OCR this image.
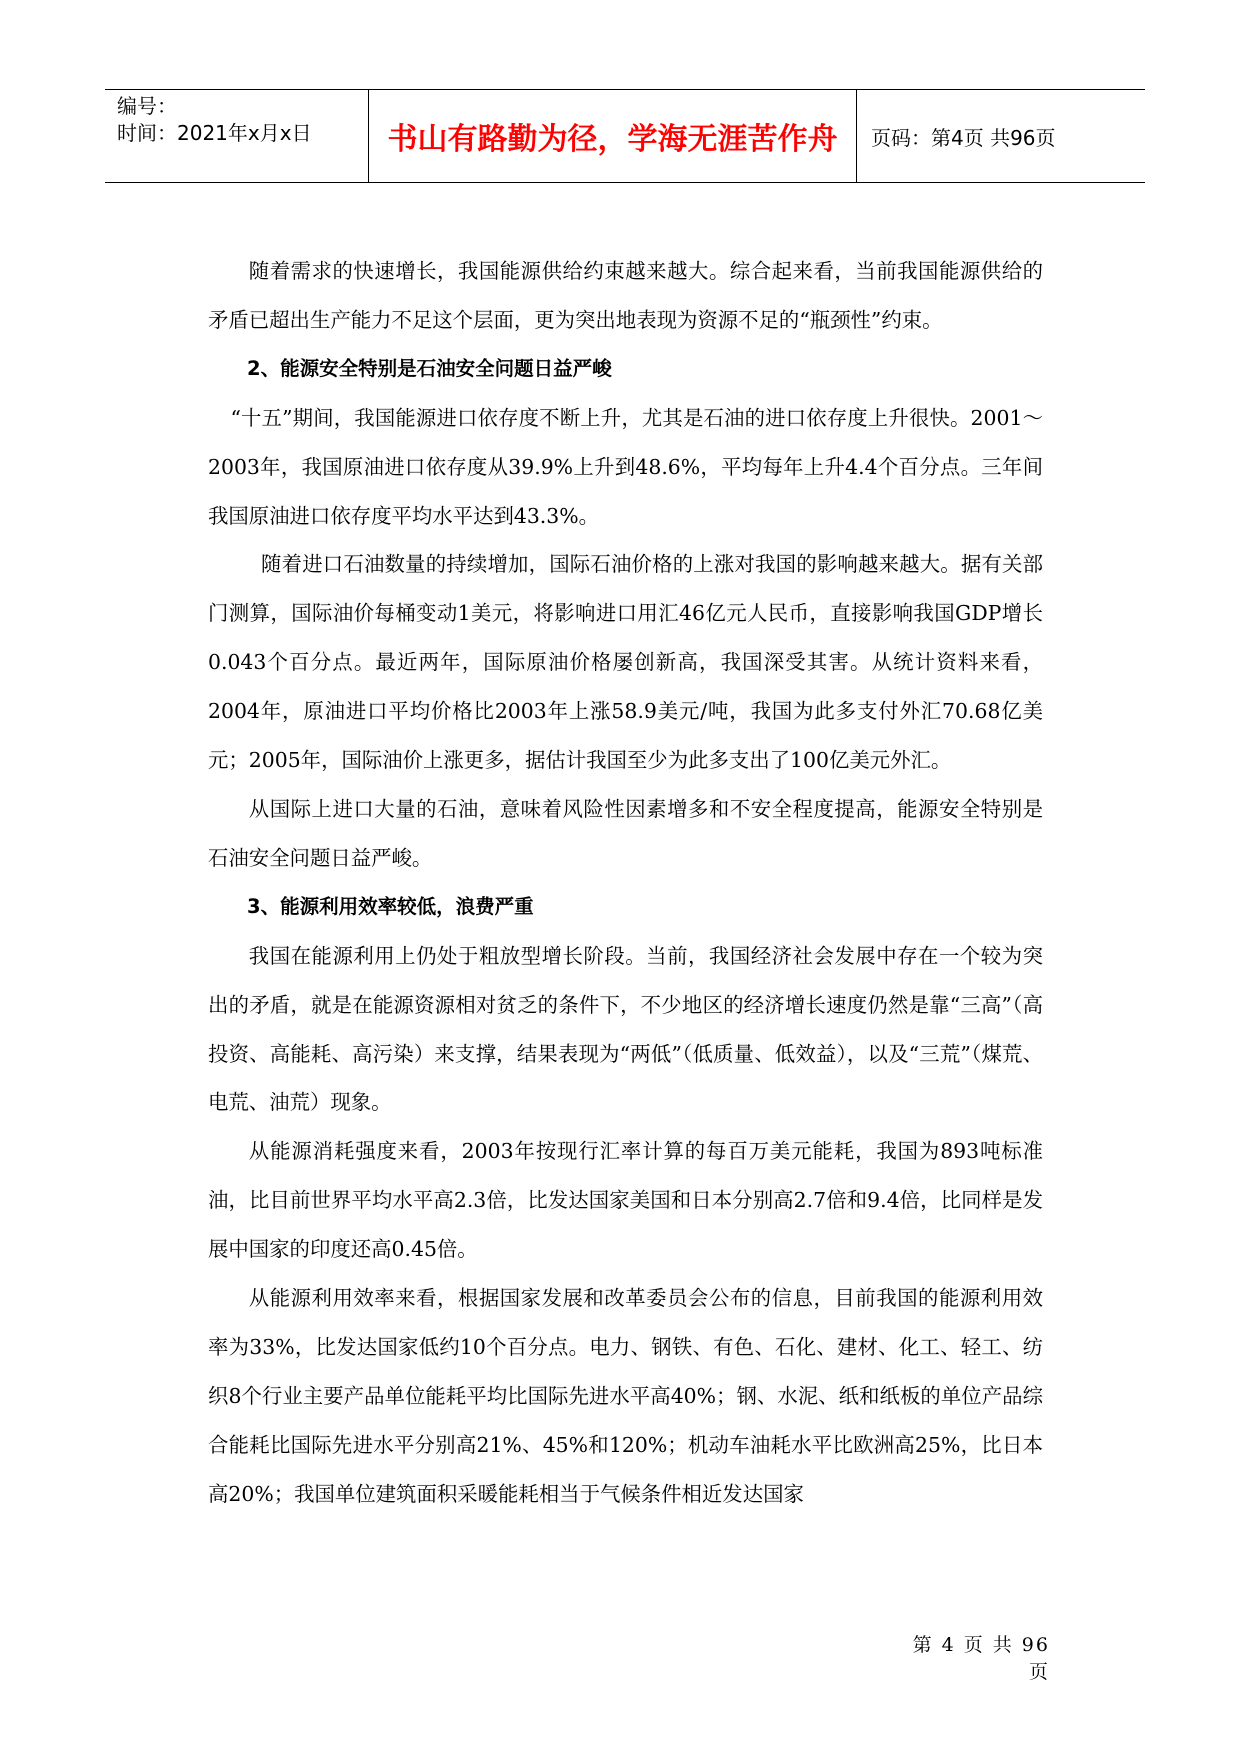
编号：
时间：2021年x月x日	书山有路勤为径，学海无涯苦作舟	页码：第4页 共96页

随着需求的快速增长，我国能源供给约束越来越大。综合起来看，当前我国能源供给的矛盾已超出生产能力不足这个层面，更为突出地表现为资源不足的“瓶颈性”约束。

2、能源安全特别是石油安全问题日益严峻

“十五”期间，我国能源进口依存度不断上升，尤其是石油的进口依存度上升很快。2001～2003年，我国原油进口依存度从39.9%上升到48.6%，平均每年上升4.4个百分点。三年间我国原油进口依存度平均水平达到43.3%。

随着进口石油数量的持续增加，国际石油价格的上涨对我国的影响越来越大。据有关部门测算，国际油价每桶变动1美元，将影响进口用汇46亿元人民币，直接影响我国GDP增长0.043个百分点。最近两年，国际原油价格屡创新高，我国深受其害。从统计资料来看，2004年，原油进口平均价格比2003年上涨58.9美元/吨，我国为此多支付外汇70.68亿美元；2005年，国际油价上涨更多，据估计我国至少为此多支出了100亿美元外汇。

从国际上进口大量的石油，意味着风险性因素增多和不安全程度提高，能源安全特别是石油安全问题日益严峻。

3、能源利用效率较低，浪费严重

我国在能源利用上仍处于粗放型增长阶段。当前，我国经济社会发展中存在一个较为突出的矛盾，就是在能源资源相对贫乏的条件下，不少地区的经济增长速度仍然是靠“三高”（高投资、高能耗、高污染）来支撑，结果表现为“两低”（低质量、低效益），以及“三荒”（煤荒、电荒、油荒）现象。

从能源消耗强度来看，2003年按现行汇率计算的每百万美元能耗，我国为893吨标准油，比目前世界平均水平高2.3倍，比发达国家美国和日本分别高2.7倍和9.4倍，比同样是发展中国家的印度还高0.45倍。

从能源利用效率来看，根据国家发展和改革委员会公布的信息，目前我国的能源利用效率为33%，比发达国家低约10个百分点。电力、钢铁、有色、石化、建材、化工、轻工、纺织8个行业主要产品单位能耗平均比国际先进水平高40%；钢、水泥、纸和纸板的单位产品综合能耗比国际先进水平分别高21%、45%和120%；机动车油耗水平比欧洲高25%，比日本高20%；我国单位建筑面积采暖能耗相当于气候条件相近发达国家

第 4 页 共 96 页
